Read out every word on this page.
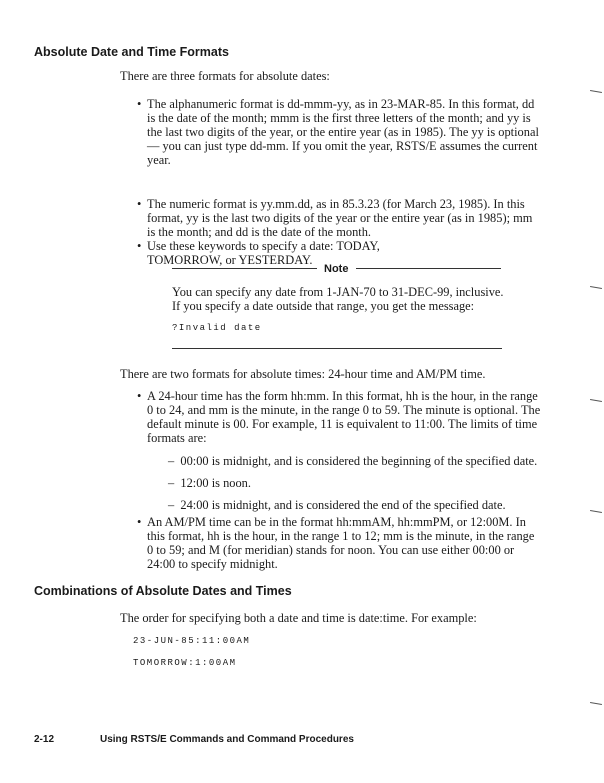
Absolute Date and Time Formats
There are three formats for absolute dates:
• The alphanumeric format is dd-mmm-yy, as in 23-MAR-85. In this format, dd is the date of the month; mmm is the first three letters of the month; and yy is the last two digits of the year, or the entire year (as in 1985). The yy is optional — you can just type dd-mm. If you omit the year, RSTS/E assumes the current year.
• The numeric format is yy.mm.dd, as in 85.3.23 (for March 23, 1985). In this format, yy is the last two digits of the year or the entire year (as in 1985); mm is the month; and dd is the date of the month.
• Use these keywords to specify a date: TODAY, TOMORROW, or YESTERDAY.
Note
You can specify any date from 1-JAN-70 to 31-DEC-99, inclusive. If you specify a date outside that range, you get the message:
?Invalid date
There are two formats for absolute times: 24-hour time and AM/PM time.
• A 24-hour time has the form hh:mm. In this format, hh is the hour, in the range 0 to 24, and mm is the minute, in the range 0 to 59. The minute is optional. The default minute is 00. For example, 11 is equivalent to 11:00. The limits of time formats are:
–  00:00 is midnight, and is considered the beginning of the specified date.
–  12:00 is noon.
–  24:00 is midnight, and is considered the end of the specified date.
• An AM/PM time can be in the format hh:mmAM, hh:mmPM, or 12:00M. In this format, hh is the hour, in the range 1 to 12; mm is the minute, in the range 0 to 59; and M (for meridian) stands for noon. You can use either 00:00 or 24:00 to specify midnight.
Combinations of Absolute Dates and Times
The order for specifying both a date and time is date:time. For example:
23-JUN-85:11:00AM
TOMORROW:1:00AM
2-12	Using RSTS/E Commands and Command Procedures
